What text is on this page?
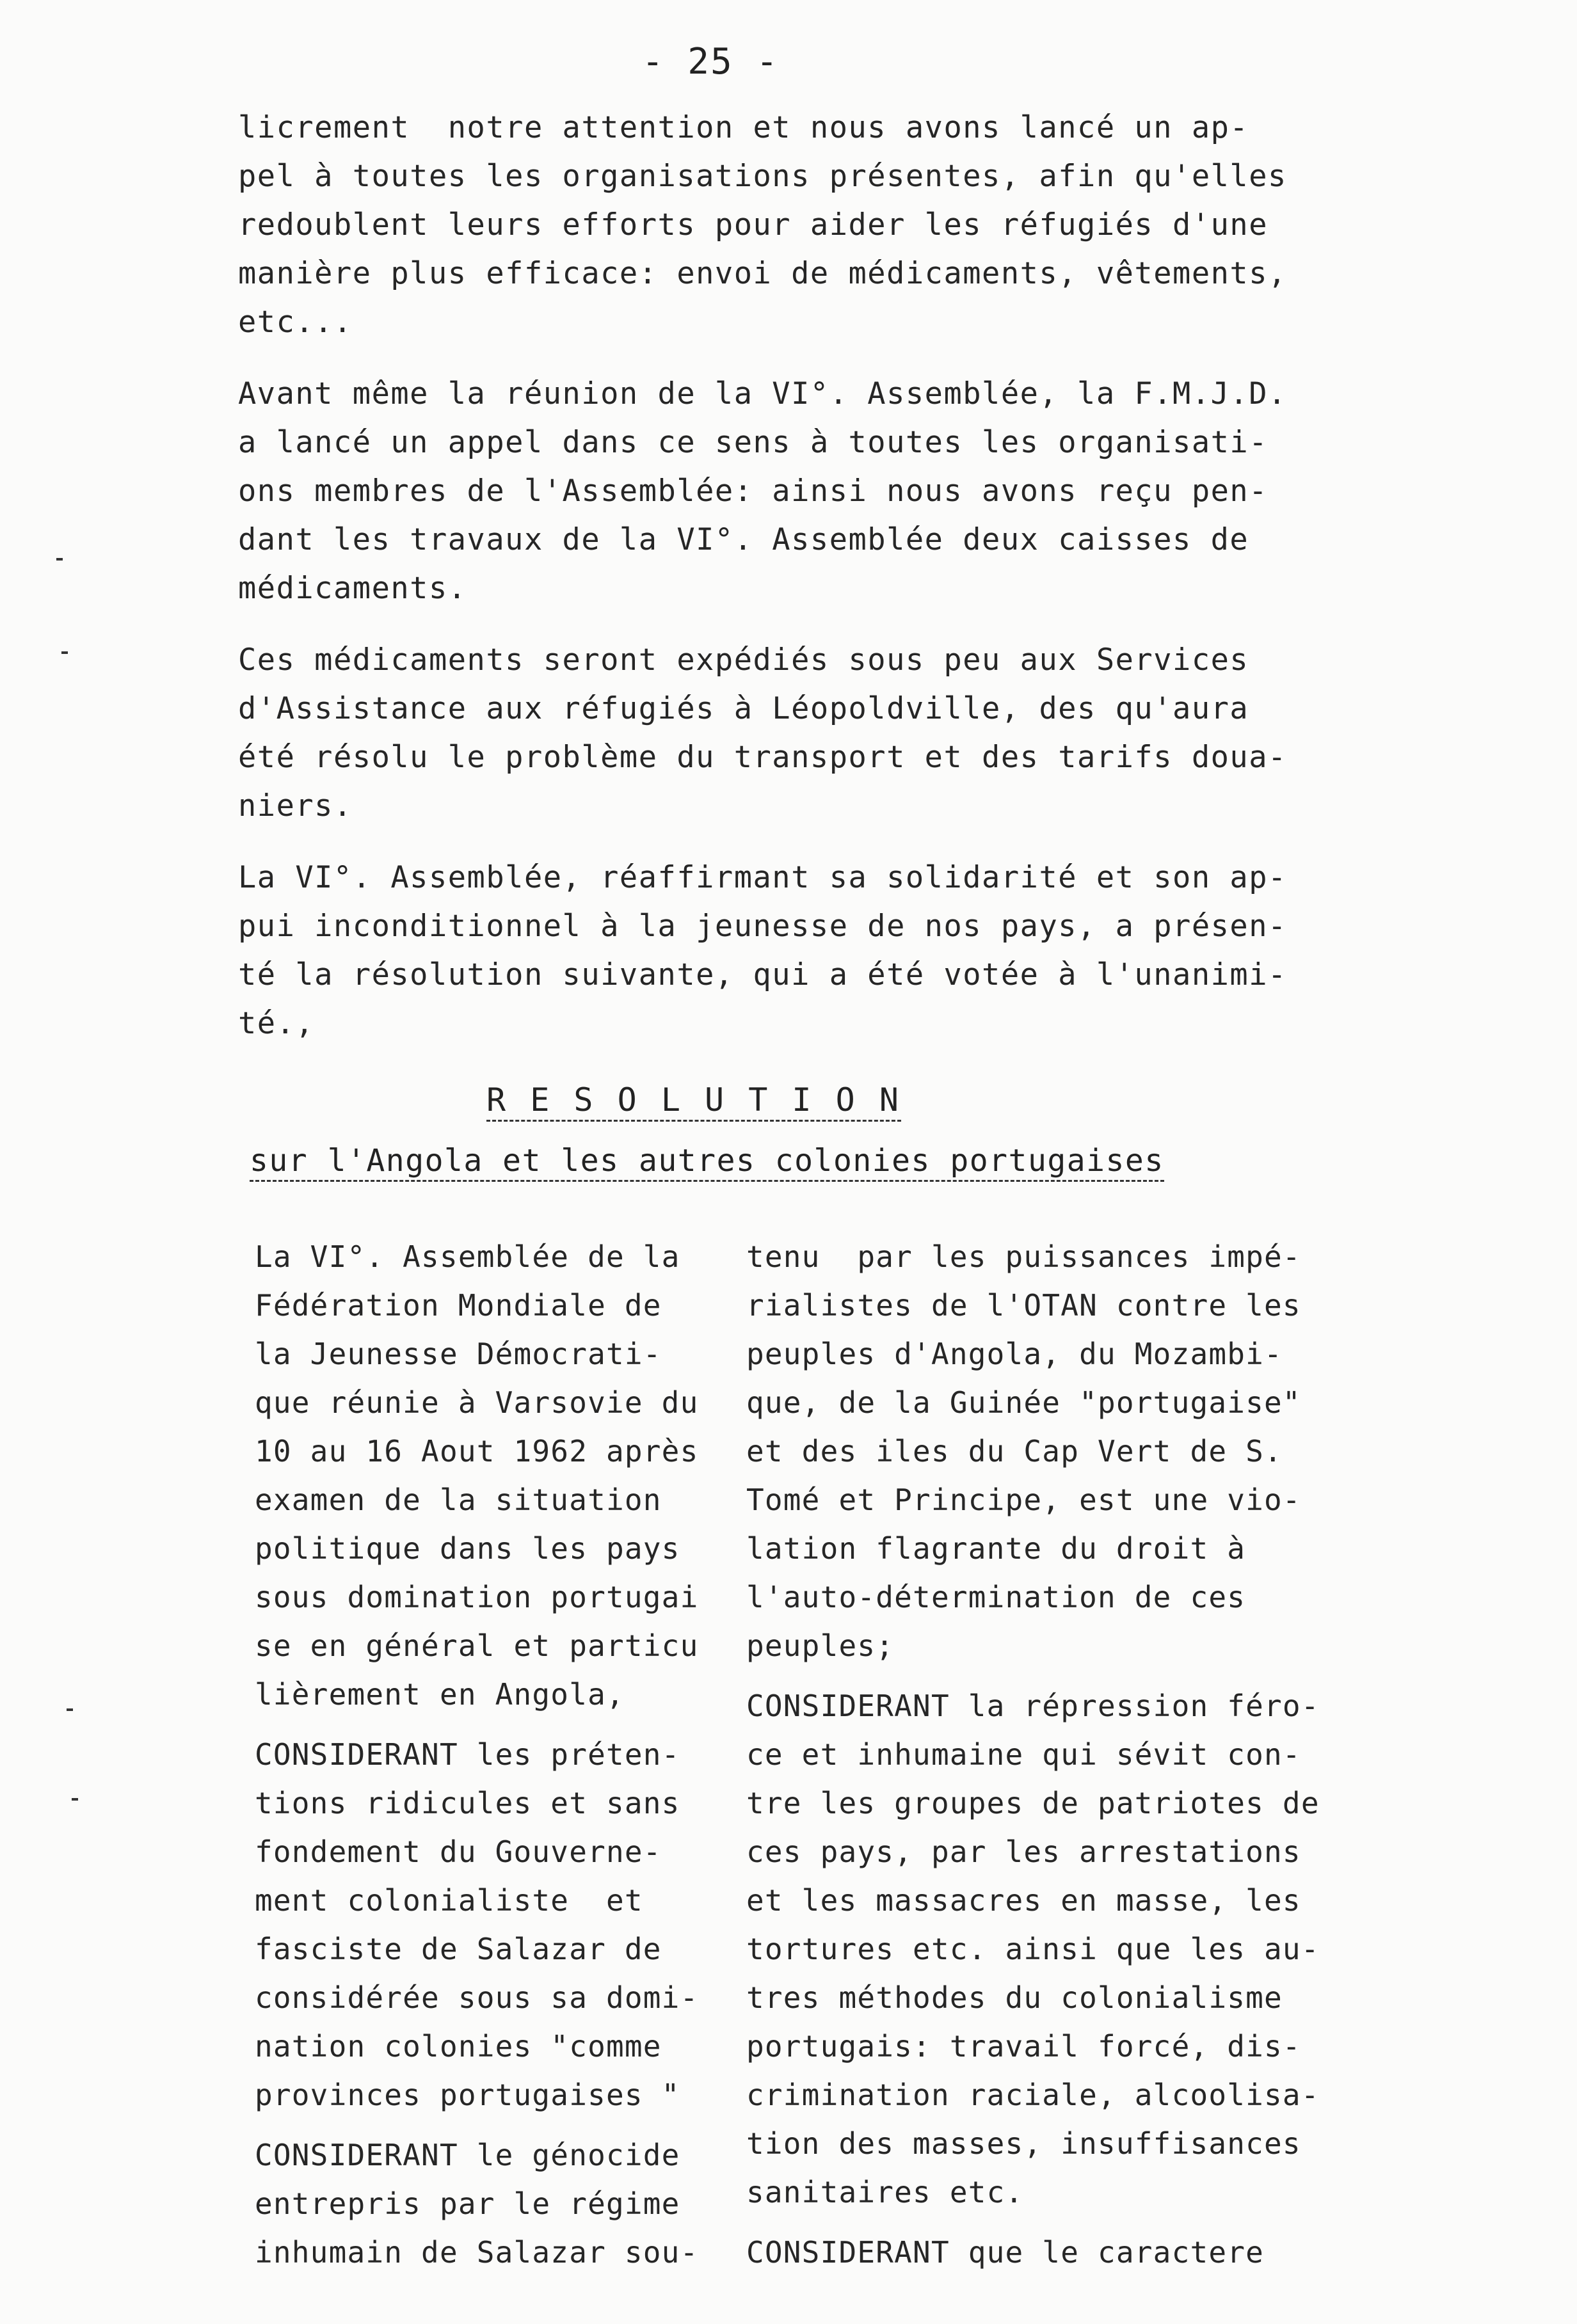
- 25 -
licrement  notre attention et nous avons lancé un ap-
pel à toutes les organisations présentes, afin qu'elles
redoublent leurs efforts pour aider les réfugiés d'une
manière plus efficace: envoi de médicaments, vêtements,
etc...
Avant même la réunion de la VI°. Assemblée, la F.M.J.D.
a lancé un appel dans ce sens à toutes les organisati-
ons membres de l'Assemblée: ainsi nous avons reçu pen-
dant les travaux de la VI°. Assemblée deux caisses de
médicaments.
Ces médicaments seront expédiés sous peu aux Services
d'Assistance aux réfugiés à Léopoldville, des qu'aura
été résolu le problème du transport et des tarifs doua-
niers.
La VI°. Assemblée, réaffirmant sa solidarité et son ap-
pui inconditionnel à la jeunesse de nos pays, a présen-
té la résolution suivante, qui a été votée à l'unanimi-
té.,
R E S O L U T I O N
sur l'Angola et les autres colonies portugaises
La VI°. Assemblée de la
Fédération Mondiale de
la Jeunesse Démocrati-
que réunie à Varsovie du
10 au 16 Aout 1962 après
examen de la situation
politique dans les pays
sous domination portugai
se en général et particu
lièrement en Angola,
CONSIDERANT les préten-
tions ridicules et sans
fondement du Gouverne-
ment colonialiste  et
fasciste de Salazar de
considérée sous sa domi-
nation colonies "comme
provinces portugaises "
CONSIDERANT le génocide
entrepris par le régime
inhumain de Salazar sou-
tenu  par les puissances impé-
rialistes de l'OTAN contre les
peuples d'Angola, du Mozambi-
que, de la Guinée "portugaise"
et des iles du Cap Vert de S.
Tomé et Principe, est une vio-
lation flagrante du droit à
l'auto-détermination de ces
peuples;
CONSIDERANT la répression féro-
ce et inhumaine qui sévit con-
tre les groupes de patriotes de
ces pays, par les arrestations
et les massacres en masse, les
tortures etc. ainsi que les au-
tres méthodes du colonialisme
portugais: travail forcé, dis-
crimination raciale, alcoolisa-
tion des masses, insuffisances
sanitaires etc.
CONSIDERANT que le caractere
